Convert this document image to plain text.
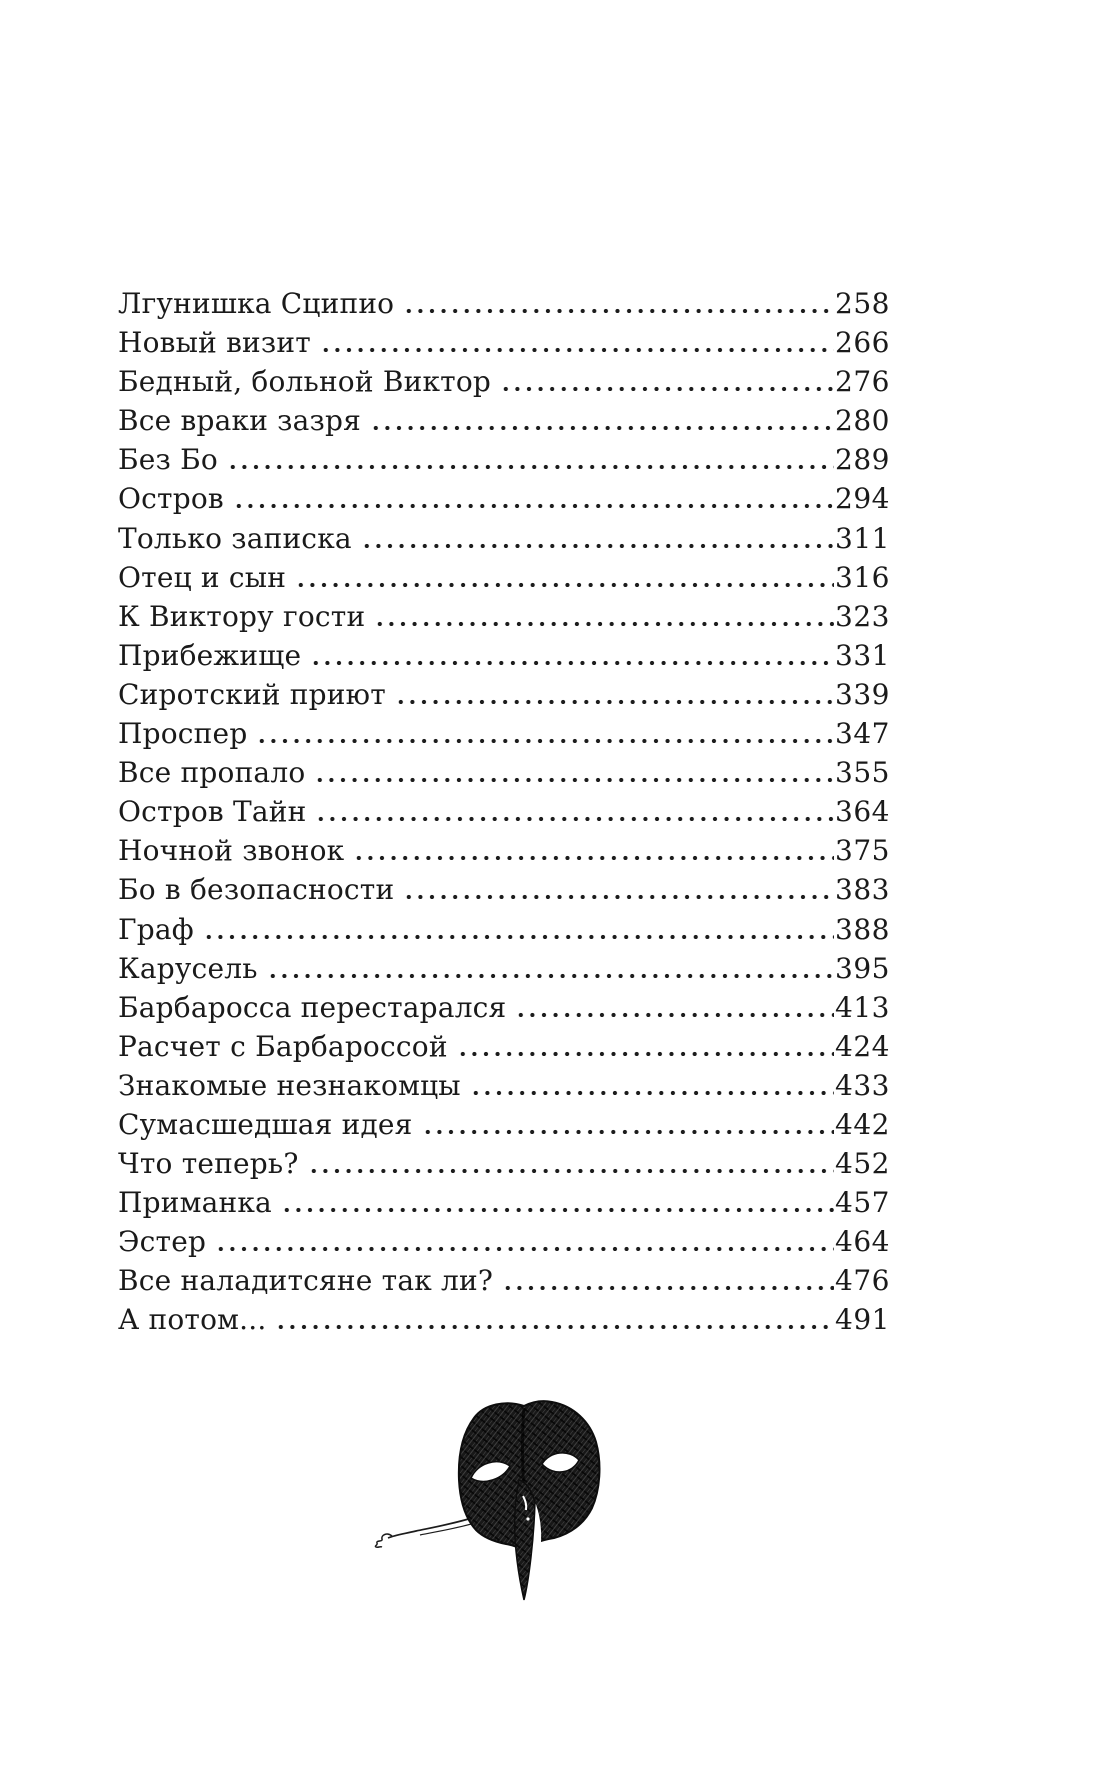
Лгунишка Сципио	258
Новый визит	266
Бедный, больной Виктор	276
Все враки зазря	280
Без Бо	289
Остров	294
Только записка	311
Отец и сын	316
К Виктору гости	323
Прибежище	331
Сиротский приют	339
Проспер	347
Все пропало	355
Остров Тайн	364
Ночной звонок	375
Бо в безопасности	383
Граф	388
Карусель	395
Барбаросса перестарался	413
Расчет с Барбароссой	424
Знакомые незнакомцы	433
Сумасшедшая идея	442
Что теперь?	452
Приманка	457
Эстер	464
Все наладитсяне так ли?	476
А потом...	491
